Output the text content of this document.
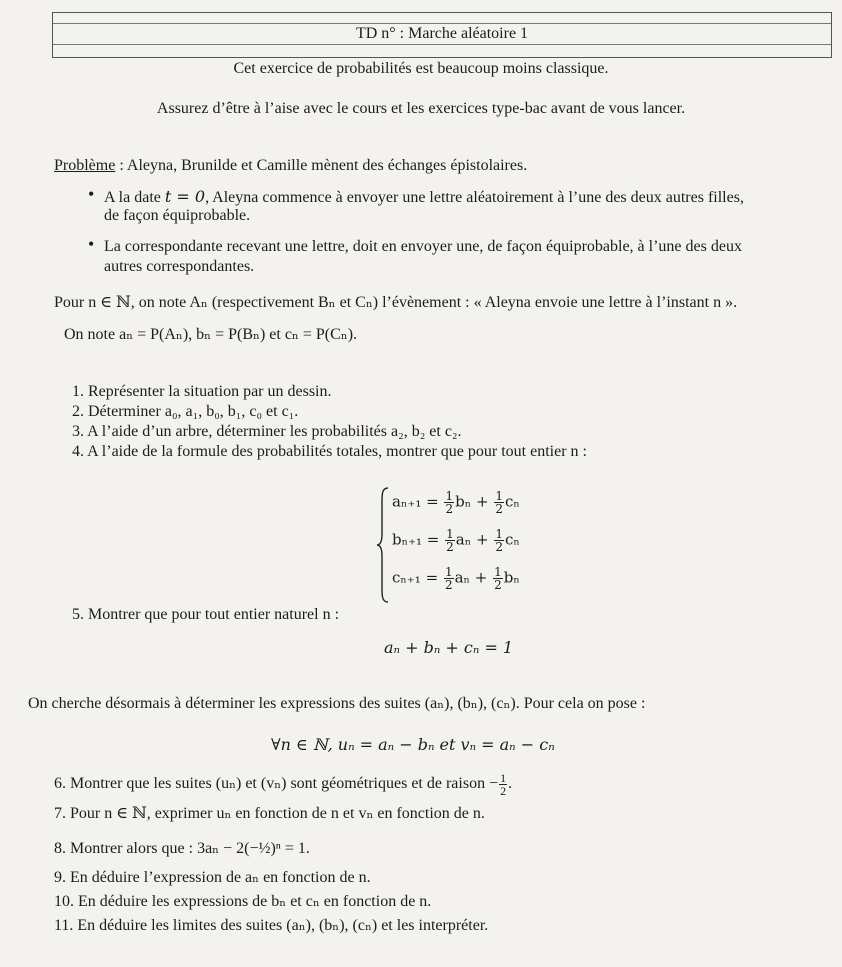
TD n° : Marche aléatoire 1
Cet exercice de probabilités est beaucoup moins classique.
Assurez d’être à l’aise avec le cours et les exercices type-bac avant de vous lancer.
Problème : Aleyna, Brunilde et Camille mènent des échanges épistolaires.
• A la date t = 0, Aleyna commence à envoyer une lettre aléatoirement à l’une des deux autres filles,
de façon équiprobable.
• La correspondante recevant une lettre, doit en envoyer une, de façon équiprobable, à l’une des deux
autres correspondantes.
Pour n ∈ ℕ, on note Aₙ (respectivement Bₙ et Cₙ) l’évènement : « Aleyna envoie une lettre à l’instant n ».
On note aₙ = P(Aₙ), bₙ = P(Bₙ) et cₙ = P(Cₙ).
1. Représenter la situation par un dessin.
2. Déterminer a₀, a₁, b₀, b₁, c₀ et c₁.
3. A l’aide d’un arbre, déterminer les probabilités a₂, b₂ et c₂.
4. A l’aide de la formule des probabilités totales, montrer que pour tout entier n :
$a_{n+1} = \frac{1}{2}$ $b_n + \frac{1}{2}$ cₙ
$b_{n+1} = \frac{1}{2}$ $a_n + \frac{1}{2}$ cₙ
$c_{n+1} = \frac{1}{2}$ $a_n + \frac{1}{2}$ bₙ
5. Montrer que pour tout entier naturel n :
aₙ + bₙ + cₙ = 1
On cherche désormais à déterminer les expressions des suites (aₙ), (bₙ), (cₙ). Pour cela on pose :
∀n ∈ ℕ, uₙ = aₙ − bₙ et vₙ = aₙ − cₙ
6. Montrer que les suites (uₙ) et (vₙ) sont géométriques et de raison − $\frac{1}{2}$ .
7. Pour n ∈ ℕ, exprimer uₙ en fonction de n et vₙ en fonction de n.
8. Montrer alors que : 3aₙ − 2(−½)ⁿ = 1.
9. En déduire l’expression de aₙ en fonction de n.
10. En déduire les expressions de bₙ et cₙ en fonction de n.
11. En déduire les limites des suites (aₙ), (bₙ), (cₙ) et les interpréter.
